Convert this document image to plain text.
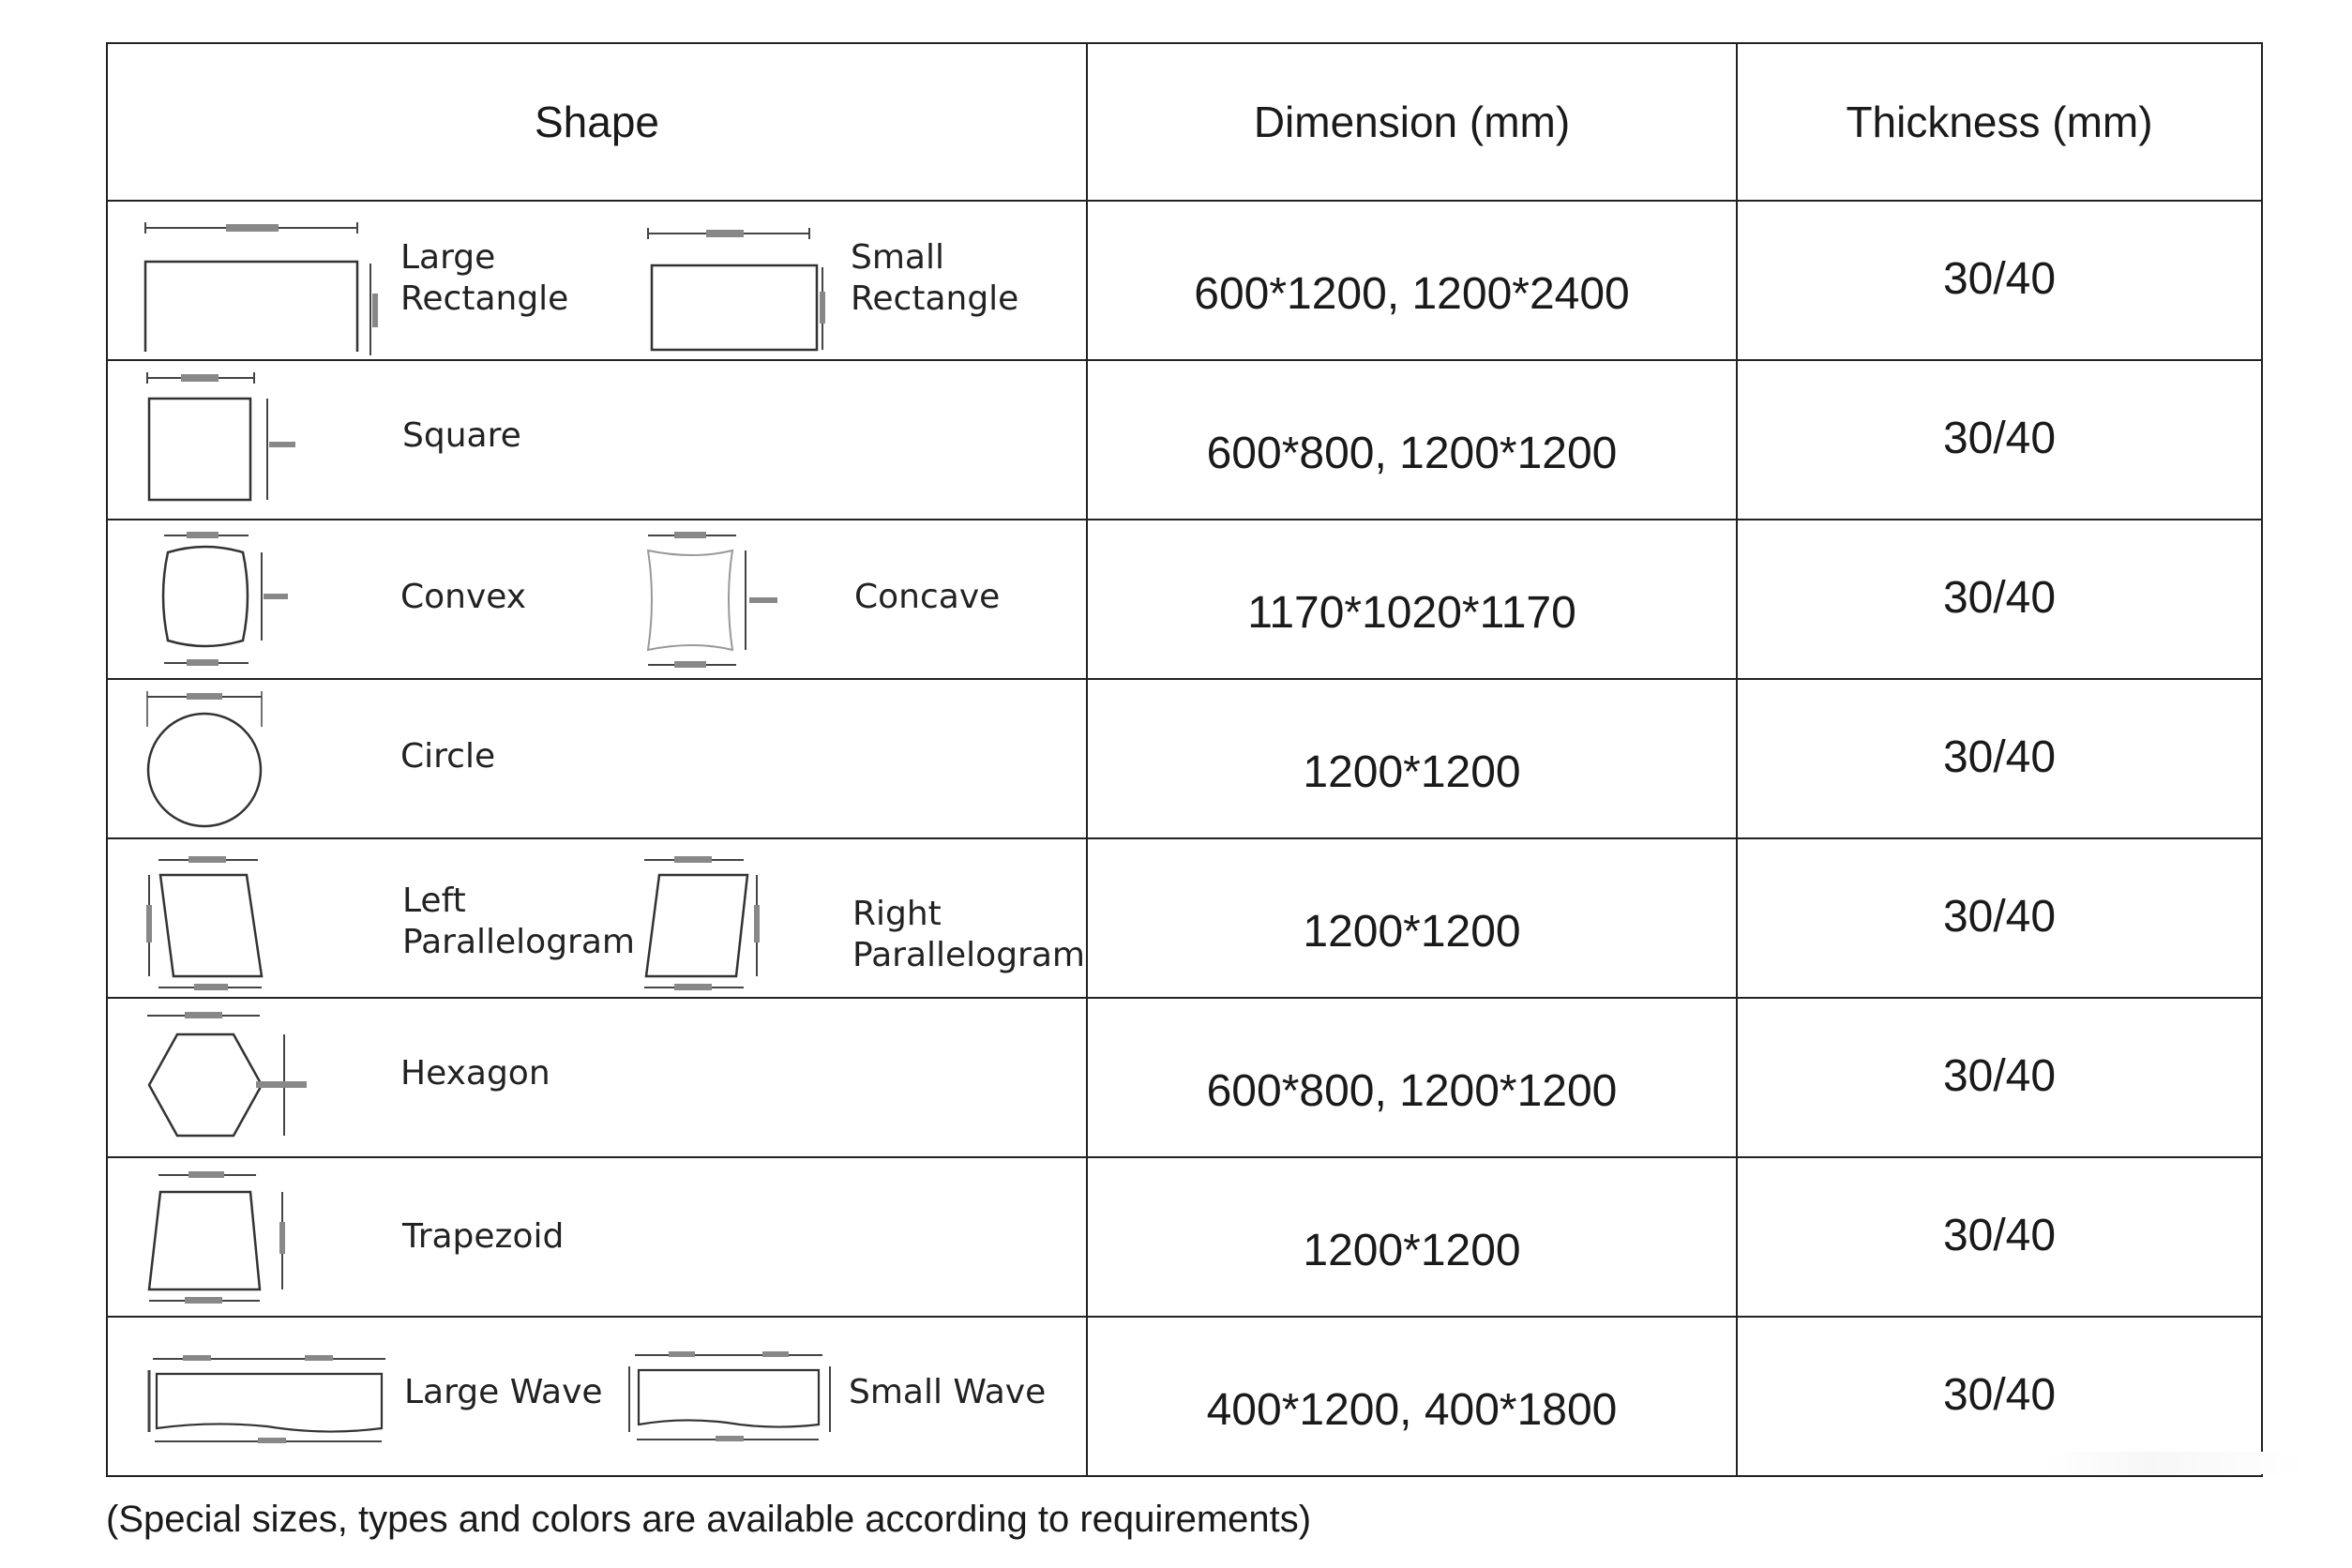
Shape	Dimension (mm)	Thickness (mm)

Large
Rectangle
Small
Rectangle	600*1200, 1200*2400	30/40

Square	600*800, 1200*1200	30/40

Convex Concave	1170*1020*1170	30/40

Circle	1200*1200	30/40

Left
Parallelogram
Right
Parallelogram	1200*1200	30/40

Hexagon	600*800, 1200*1200	30/40

Trapezoid	1200*1200	30/40

Large Wave Small Wave	400*1200, 400*1800	30/40
(Special sizes, types and colors are available according to requirements)
